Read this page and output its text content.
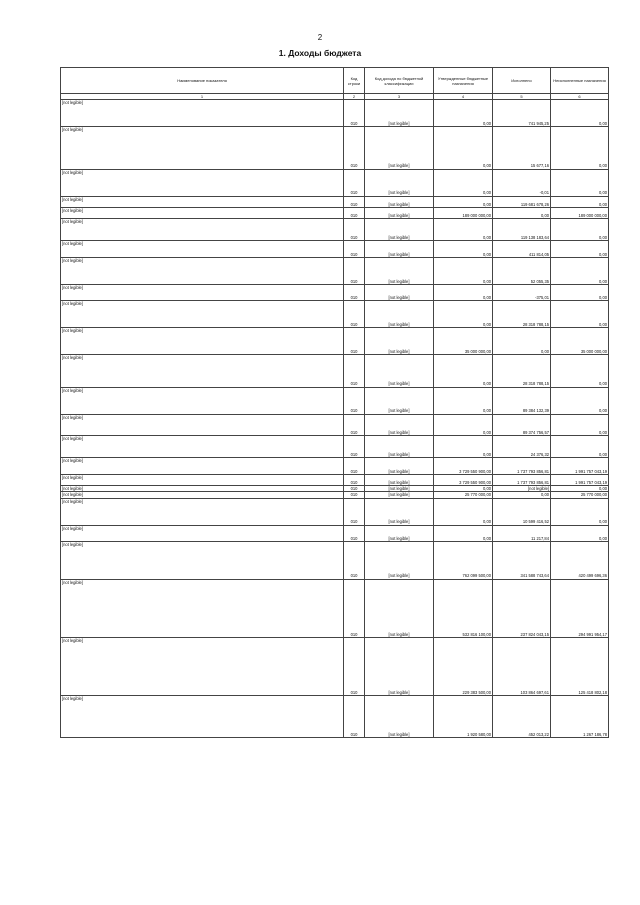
2
1. Доходы бюджета
Наименование показателя	Код строки	Код дохода по бюджетной классификации	Утвержденные бюджетные назначения	Исполнено	Неисполненные назначения
1	2	3	4	5	6
[not legible]	010	[not legible]	0,00	741 945,25	0,00
[not legible]	010	[not legible]	0,00	15 677,16	0,00
[not legible]	010	[not legible]	0,00	-0,01	0,00
[not legible]	010	[not legible]	0,00	119 681 678,26	0,00
[not legible]	010	[not legible]	189 000 000,00	0,00	189 000 000,00
[not legible]	010	[not legible]	0,00	119 138 183,64	0,00
[not legible]	010	[not legible]	0,00	411 814,05	0,00
[not legible]	010	[not legible]	0,00	52 055,35	0,00
[not legible]	010	[not legible]	0,00	-375,01	0,00
[not legible]	010	[not legible]	0,00	28 318 788,15	0,00
[not legible]	010	[not legible]	35 000 000,00	0,00	35 000 000,00
[not legible]	010	[not legible]	0,00	28 318 788,15	0,00
[not legible]	010	[not legible]	0,00	89 384 132,39	0,00
[not legible]	010	[not legible]	0,00	89 374 756,57	0,00
[not legible]	010	[not legible]	0,00	24 376,32	0,00
[not legible]	010	[not legible]	3 729 550 900,00	1 737 793 856,81	1 991 757 043,19
[not legible]	010	[not legible]	3 729 550 900,00	1 737 793 856,81	1 991 757 043,19
[not legible]	010	[not legible]	0,00	[not legible]	0,00
[not legible]	010	[not legible]	25 770 000,00	0,00	25 770 000,00
[not legible]	010	[not legible]	0,00	10 599 416,52	0,00
[not legible]	010	[not legible]	0,00	11 217,84	0,00
[not legible]	010	[not legible]	762 099 500,00	341 588 743,64	420 499 696,36
[not legible]	010	[not legible]	532 816 100,00	237 824 043,15	294 991 954,17
[not legible]	010	[not legible]	229 383 500,00	103 864 697,61	125 418 802,18
[not legible]	010	[not legible]	1 920 580,00	452 013,22	1 267 186,78
